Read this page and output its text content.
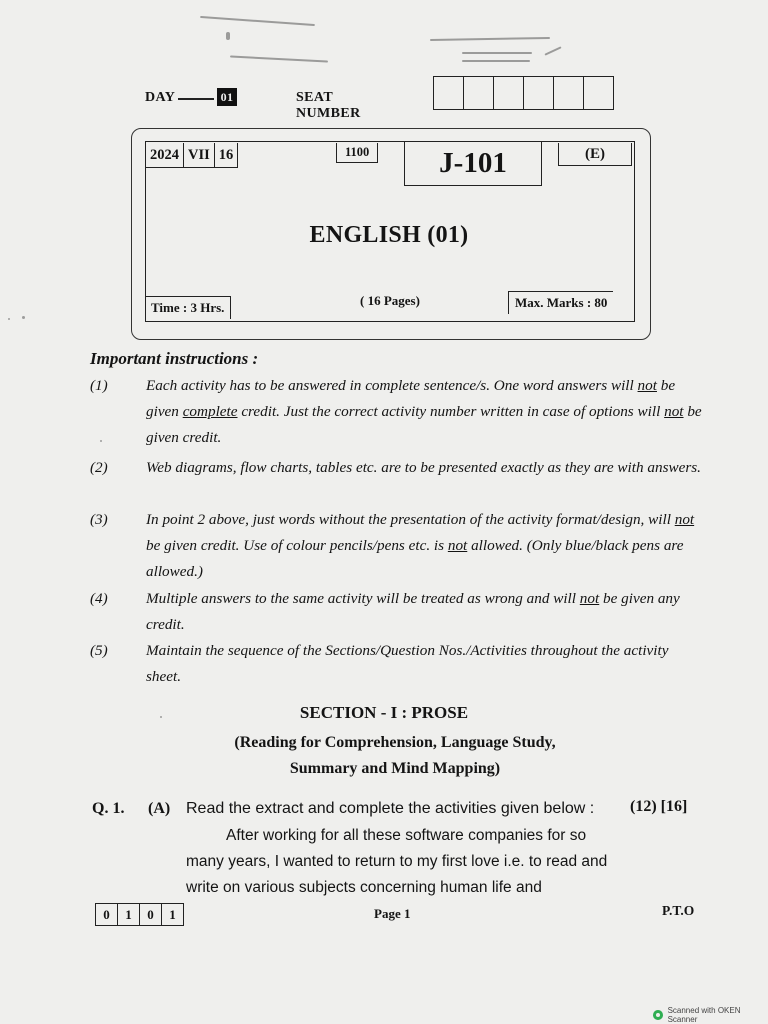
DAY	01	SEAT NUMBER
2024 VII 16	1100	J-101	(E)
ENGLISH (01)
Time : 3 Hrs.	( 16 Pages)	Max. Marks : 80
Important instructions :
(1)	Each activity has to be answered in complete sentence/s. One word answers will not be given complete credit. Just the correct activity number written in case of options will not be given credit.
(2)	Web diagrams, flow charts, tables etc. are to be presented exactly as they are with answers.
(3)	In point 2 above, just words without the presentation of the activity format/design, will not be given credit. Use of colour pencils/pens etc. is not allowed. (Only blue/black pens are allowed.)
(4)	Multiple answers to the same activity will be treated as wrong and will not be given any credit.
(5)	Maintain the sequence of the Sections/Question Nos./Activities throughout the activity sheet.
SECTION - I : PROSE
(Reading for Comprehension, Language Study,
Summary and Mind Mapping)
Q. 1. (A) Read the extract and complete the activities given below : (12) [16]
After working for all these software companies for so many years, I wanted to return to my first love i.e. to read and write on various subjects concerning human life and
0	1	0	1	Page 1	P.T.O
Scanned with OKEN Scanner
